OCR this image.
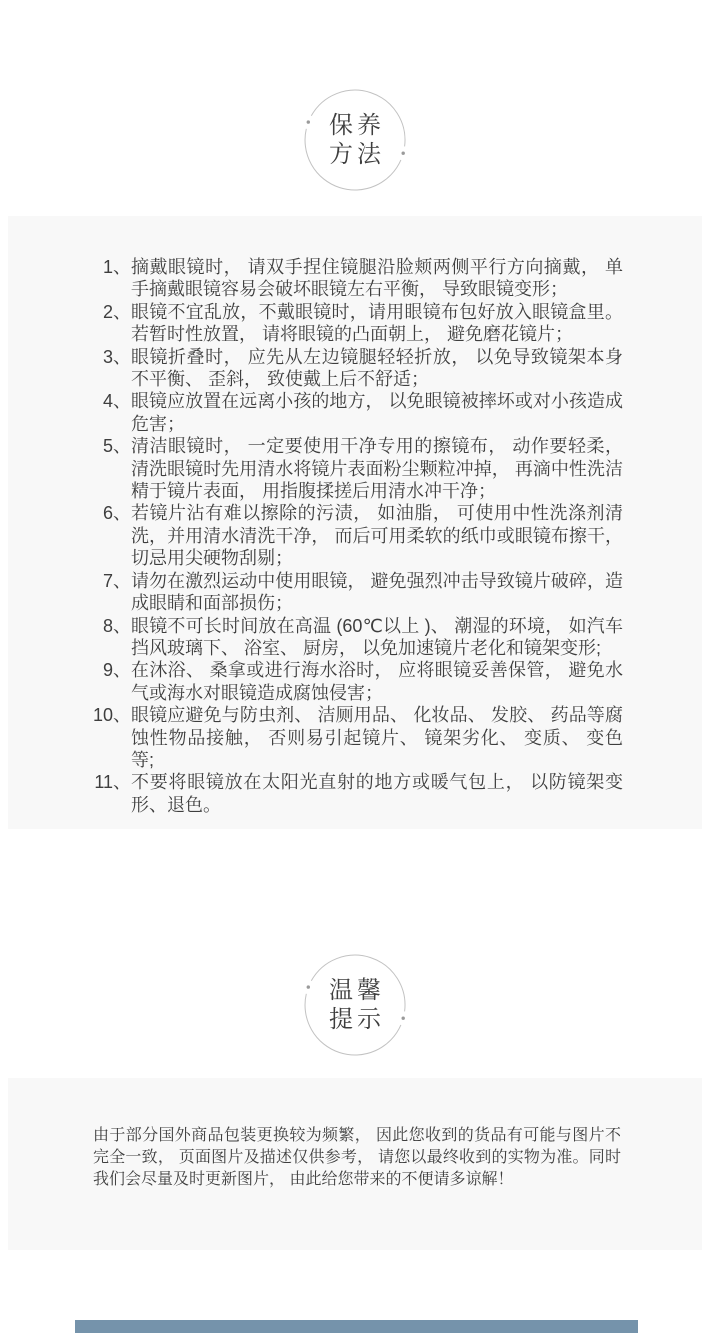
保养
方法
1、 摘戴眼镜时， 请双手捏住镜腿沿脸颊两侧平行方向摘戴， 单手摘戴眼镜容易会破坏眼镜左右平衡， 导致眼镜变形；
2、 眼镜不宜乱放，不戴眼镜时，请用眼镜布包好放入眼镜盒里。若暂时性放置， 请将眼镜的凸面朝上， 避免磨花镜片；
3、 眼镜折叠时， 应先从左边镜腿轻轻折放， 以免导致镜架本身不平衡、 歪斜， 致使戴上后不舒适；
4、 眼镜应放置在远离小孩的地方， 以免眼镜被摔坏或对小孩造成危害；
5、 清洁眼镜时， 一定要使用干净专用的擦镜布， 动作要轻柔，清洗眼镜时先用清水将镜片表面粉尘颗粒冲掉， 再滴中性洗洁精于镜片表面， 用指腹揉搓后用清水冲干净；
6、 若镜片沾有难以擦除的污渍， 如油脂， 可使用中性洗涤剂清洗，并用清水清洗干净， 而后可用柔软的纸巾或眼镜布擦干， 切忌用尖硬物刮剔；
7、 请勿在激烈运动中使用眼镜， 避免强烈冲击导致镜片破碎，造成眼睛和面部损伤；
8、 眼镜不可长时间放在高温 (60℃以上 )、 潮湿的环境， 如汽车挡风玻璃下、 浴室、 厨房， 以免加速镜片老化和镜架变形;
9、 在沐浴、 桑拿或进行海水浴时， 应将眼镜妥善保管， 避免水气或海水对眼镜造成腐蚀侵害；
10、 眼镜应避免与防虫剂、 洁厕用品、 化妆品、 发胶、 药品等腐蚀性物品接触， 否则易引起镜片、 镜架劣化、 变质、 变色等;
11、 不要将眼镜放在太阳光直射的地方或暖气包上， 以防镜架变形、退色。
温馨
提示
由于部分国外商品包装更换较为频繁， 因此您收到的货品有可能与图片不完全一致， 页面图片及描述仅供参考， 请您以最终收到的实物为准。同时我们会尽量及时更新图片， 由此给您带来的不便请多谅解！
